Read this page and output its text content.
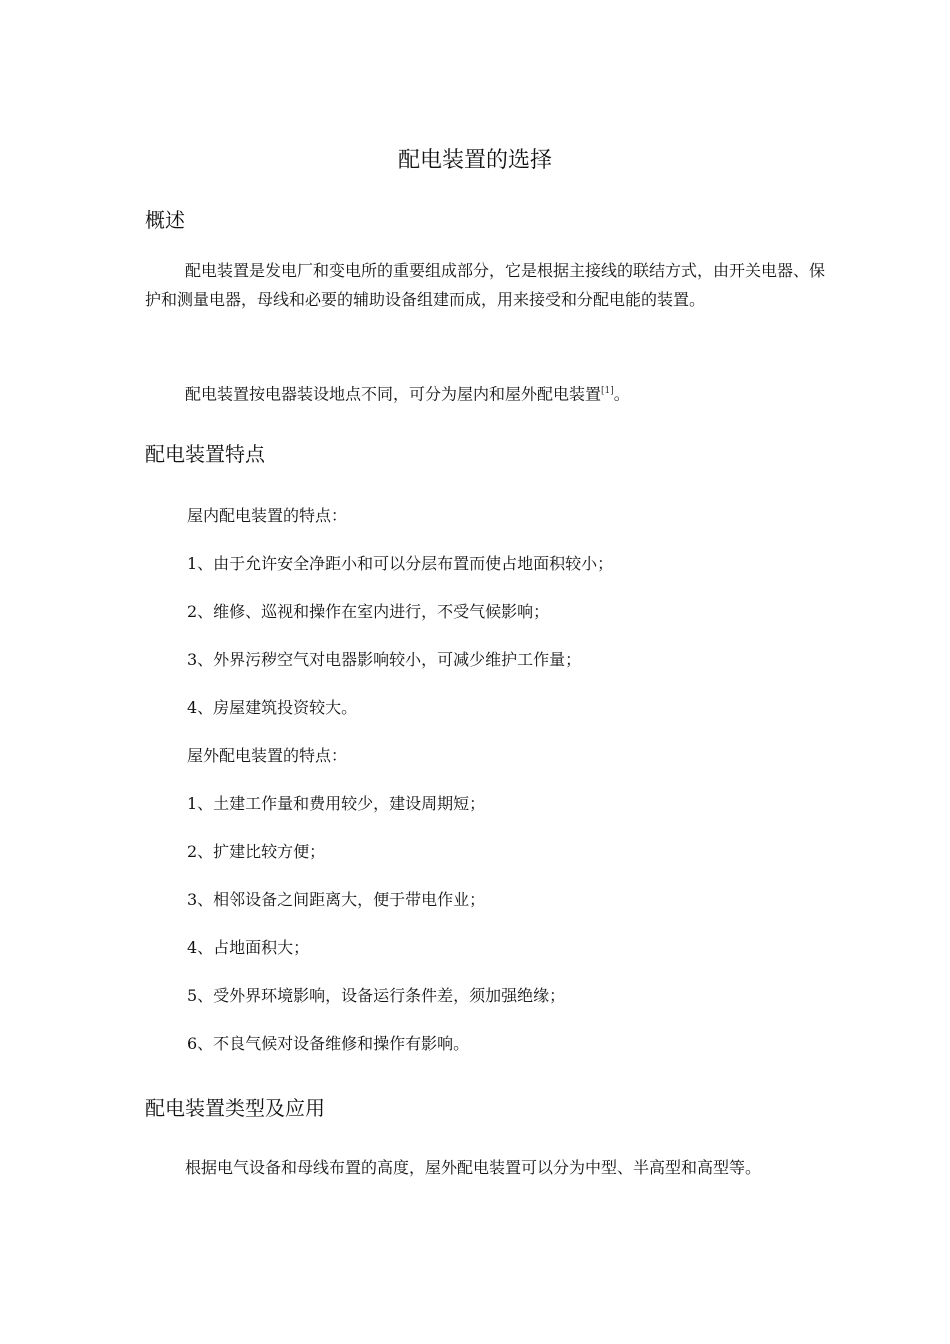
配电装置的选择
概述

配电装置是发电厂和变电所的重要组成部分，它是根据主接线的联结方式，由开关电器、保护和测量电器，母线和必要的辅助设备组建而成，用来接受和分配电能的装置。

配电装置按电器装设地点不同，可分为屋内和屋外配电装置[1]。

配电装置特点

屋内配电装置的特点：

1、由于允许安全净距小和可以分层布置而使占地面积较小；

2、维修、巡视和操作在室内进行，不受气候影响；

3、外界污秽空气对电器影响较小，可减少维护工作量；

4、房屋建筑投资较大。

屋外配电装置的特点：

1、土建工作量和费用较少，建设周期短；

2、扩建比较方便；

3、相邻设备之间距离大，便于带电作业；

4、占地面积大；

5、受外界环境影响，设备运行条件差，须加强绝缘；

6、不良气候对设备维修和操作有影响。

配电装置类型及应用

根据电气设备和母线布置的高度，屋外配电装置可以分为中型、半高型和高型等。
